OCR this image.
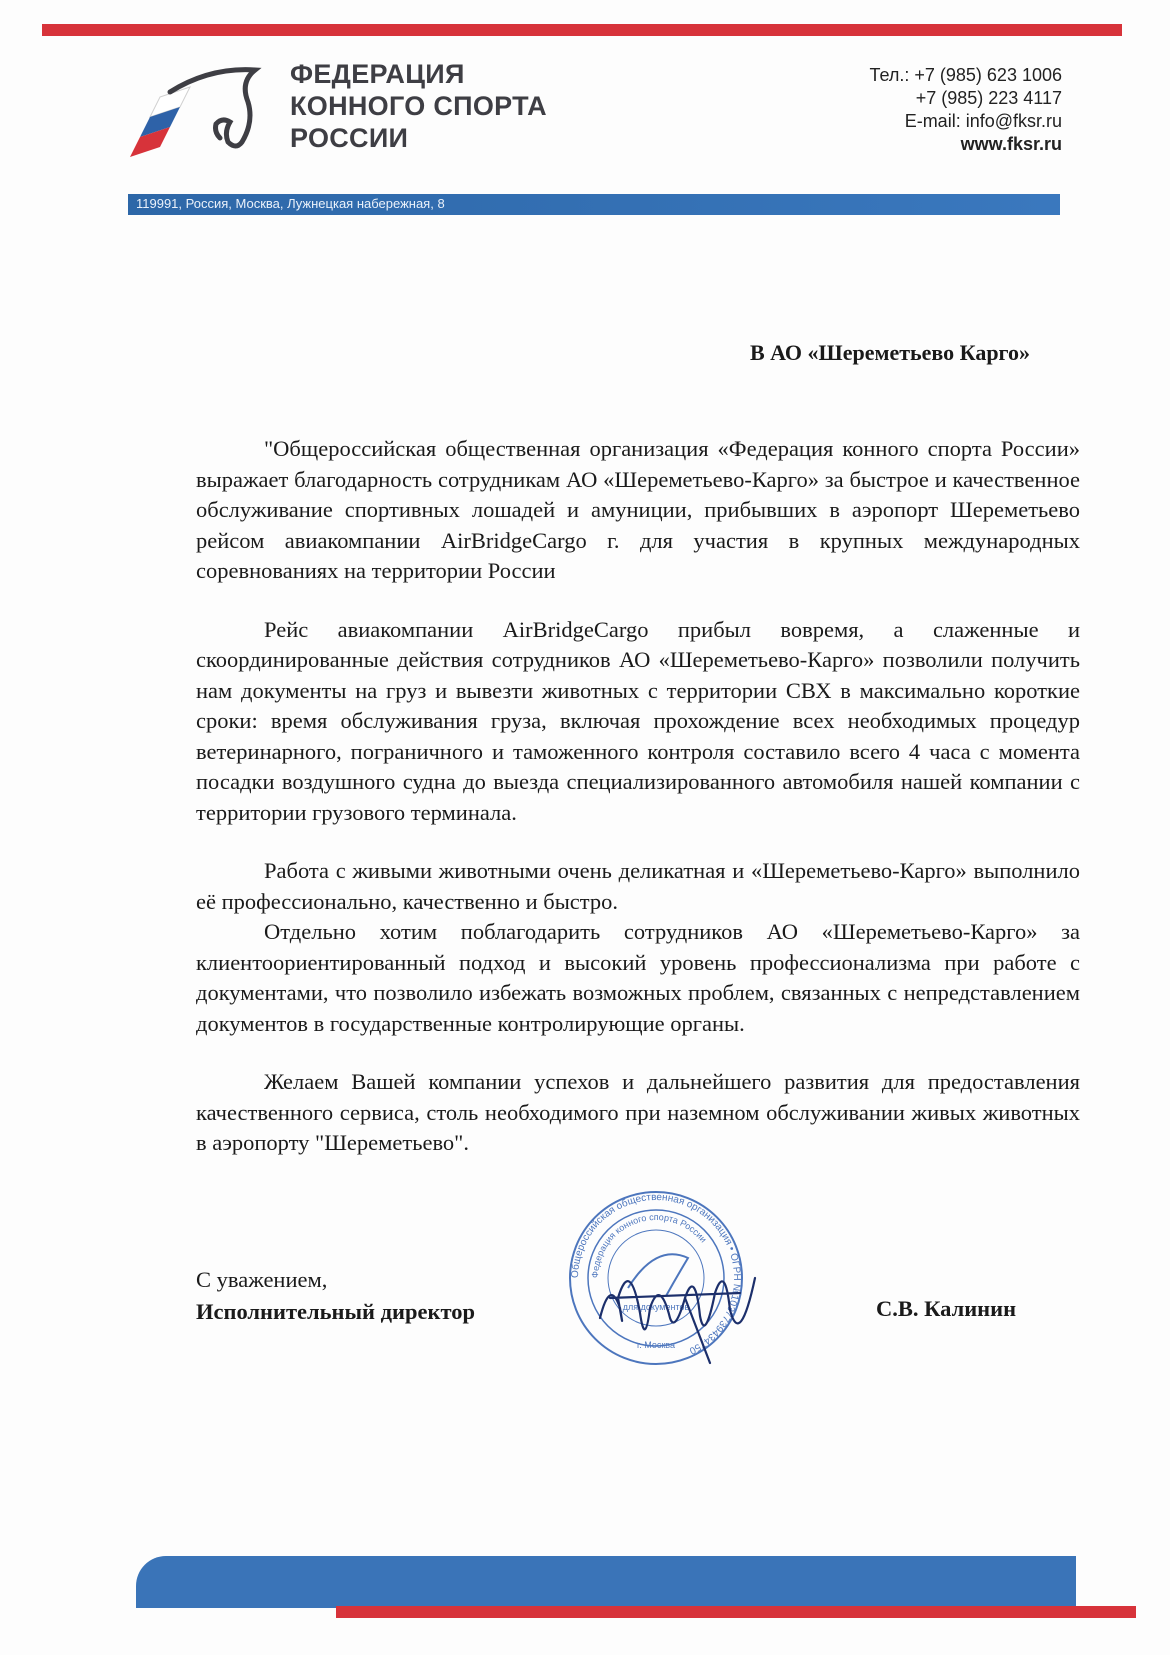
ФЕДЕРАЦИЯ
КОННОГО СПОРТА
РОССИИ
Тел.: +7 (985) 623 1006
+7 (985) 223 4117
E-mail: info@fksr.ru
www.fksr.ru
119991, Россия, Москва, Лужнецкая набережная, 8
В АО «Шереметьево Карго»

"Общероссийская общественная организация «Федерация конного спорта России» выражает благодарность сотрудникам АО «Шереметьево-Карго» за быстрое и качественное обслуживание спортивных лошадей и амуниции, прибывших в аэропорт Шереметьево рейсом авиакомпании AirBridgeCargo г. для участия в крупных международных соревнованиях на территории России

Рейс авиакомпании AirBridgeCargo прибыл вовремя, а слаженные и скоординированные действия сотрудников АО «Шереметьево-Карго» позволили получить нам документы на груз и вывезти животных с территории СВХ в максимально короткие сроки: время обслуживания груза, включая прохождение всех необходимых процедур ветеринарного, пограничного и таможенного контроля составило всего 4 часа с момента посадки воздушного судна до выезда специализированного автомобиля нашей компании с территории грузового терминала.

Работа с живыми животными очень деликатная и «Шереметьево-Карго» выполнило её профессионально, качественно и быстро.

Отдельно хотим поблагодарить сотрудников АО «Шереметьево-Карго» за клиентоориентированный подход и высокий уровень профессионализма при работе с документами, что позволило избежать возможных проблем, связанных с непредставлением документов в государственные контролирующие органы.

Желаем Вашей компании успехов и дальнейшего развития для предоставления качественного сервиса, столь необходимого при наземном обслуживании живых животных в аэропорту "Шереметьево".

С уважением,
Исполнительный директор	С.В. Калинин
Общероссийская общественная организация • ОГРН №1037739434750
Федерация конного спорта России
для документов
г. Москва
